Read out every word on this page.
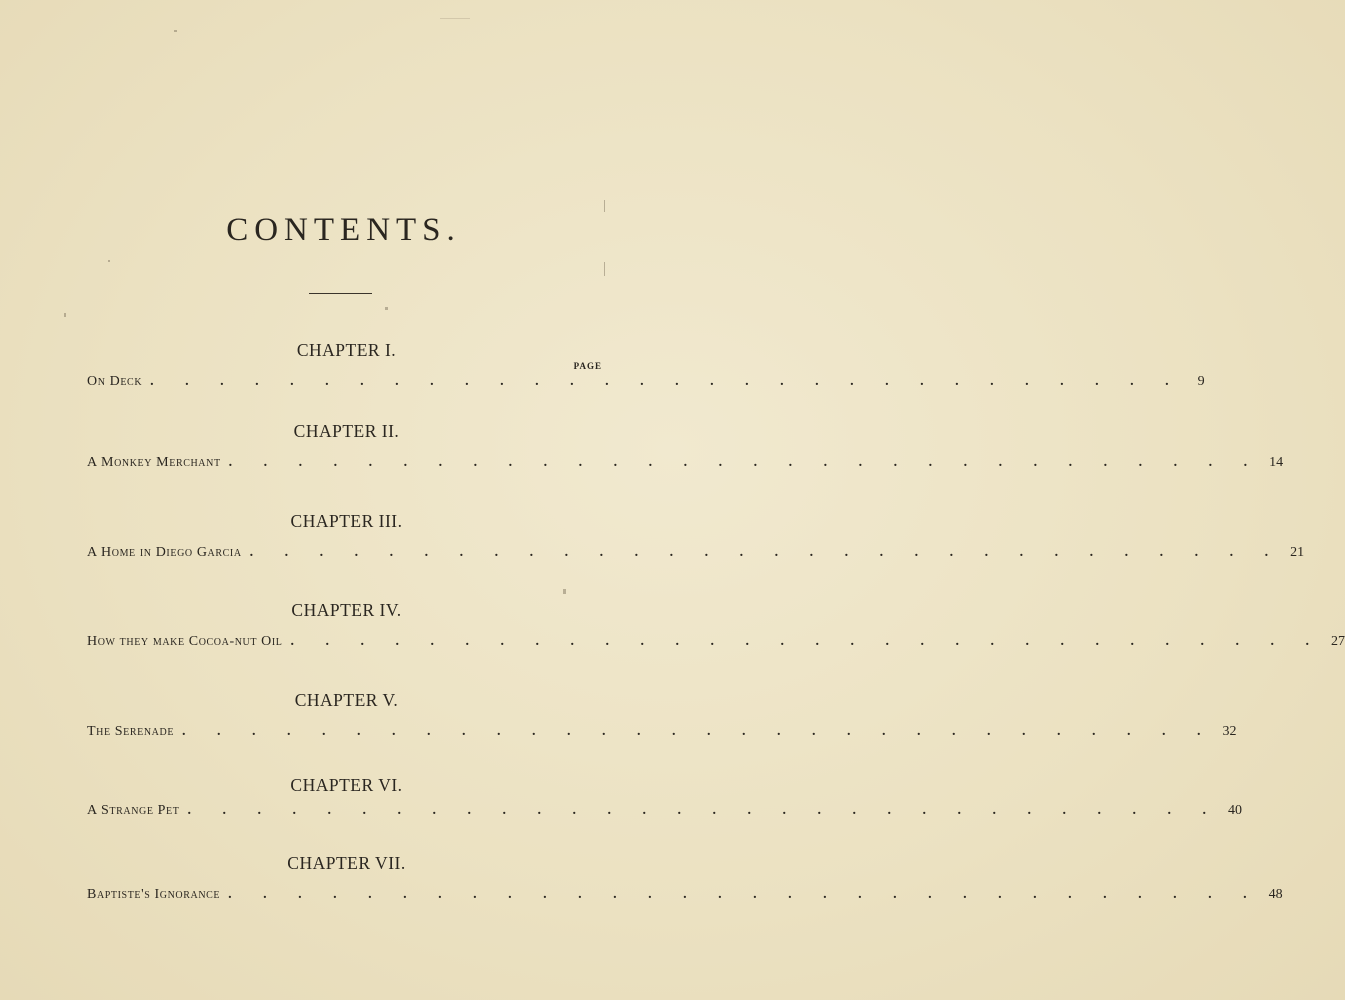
CONTENTS.
PAGE
CHAPTER I.
On Deck . . . . . . . . . . . . . . . . . . . . . . . . . . . . . .	9
CHAPTER II.
A Monkey Merchant . . . . . . . . . . . . . . . . . . . . . . . . . . . . . . 14
CHAPTER III.
A Home in Diego Garcia . . . . . . . . . . . . . . . . . . . . . . . . . . . . . . 21
CHAPTER IV.
How they make Cocoa-nut Oil . . . . . . . . . . . . . . . . . . . . . . . . . . . . . . 27
CHAPTER V.
The Serenade . . . . . . . . . . . . . . . . . . . . . . . . . . . . . . 32
CHAPTER VI.
A Strange Pet . . . . . . . . . . . . . . . . . . . . . . . . . . . . . . 40
CHAPTER VII.
Baptiste's Ignorance . . . . . . . . . . . . . . . . . . . . . . . . . . . . . . 48
